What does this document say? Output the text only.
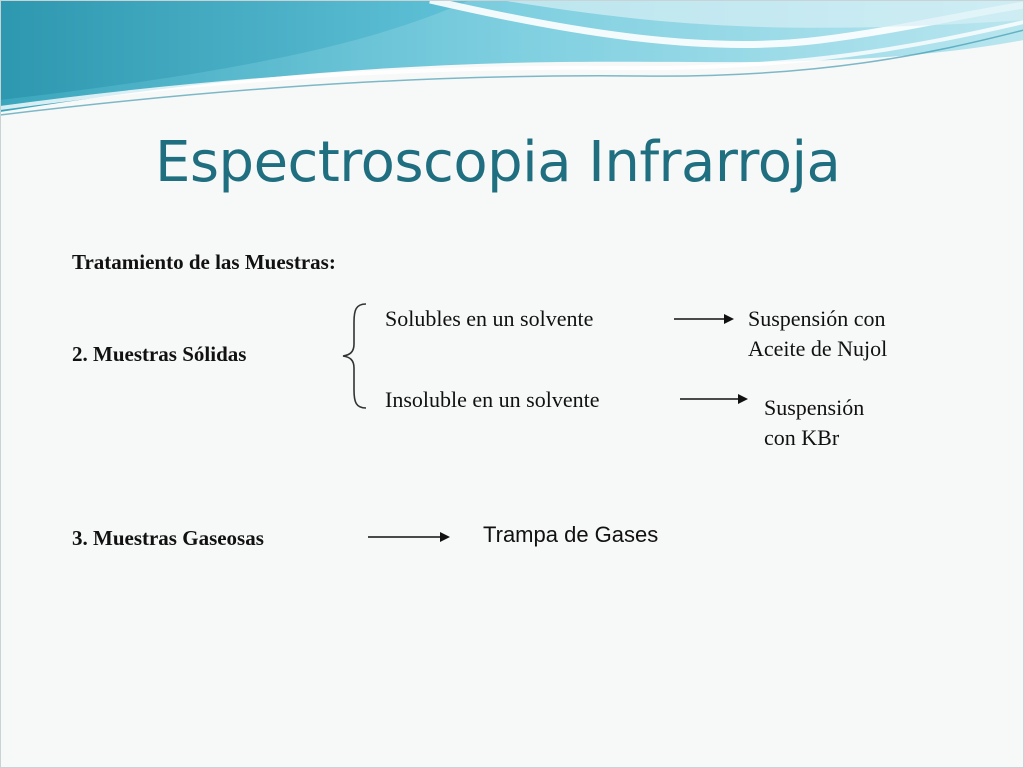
Espectroscopia Infrarroja
Tratamiento de las Muestras:
2. Muestras Sólidas
Solubles en un solvente	Suspensión con
Aceite de Nujol
Insoluble en un solvente	Suspensión
con KBr
3. Muestras Gaseosas	Trampa de Gases
